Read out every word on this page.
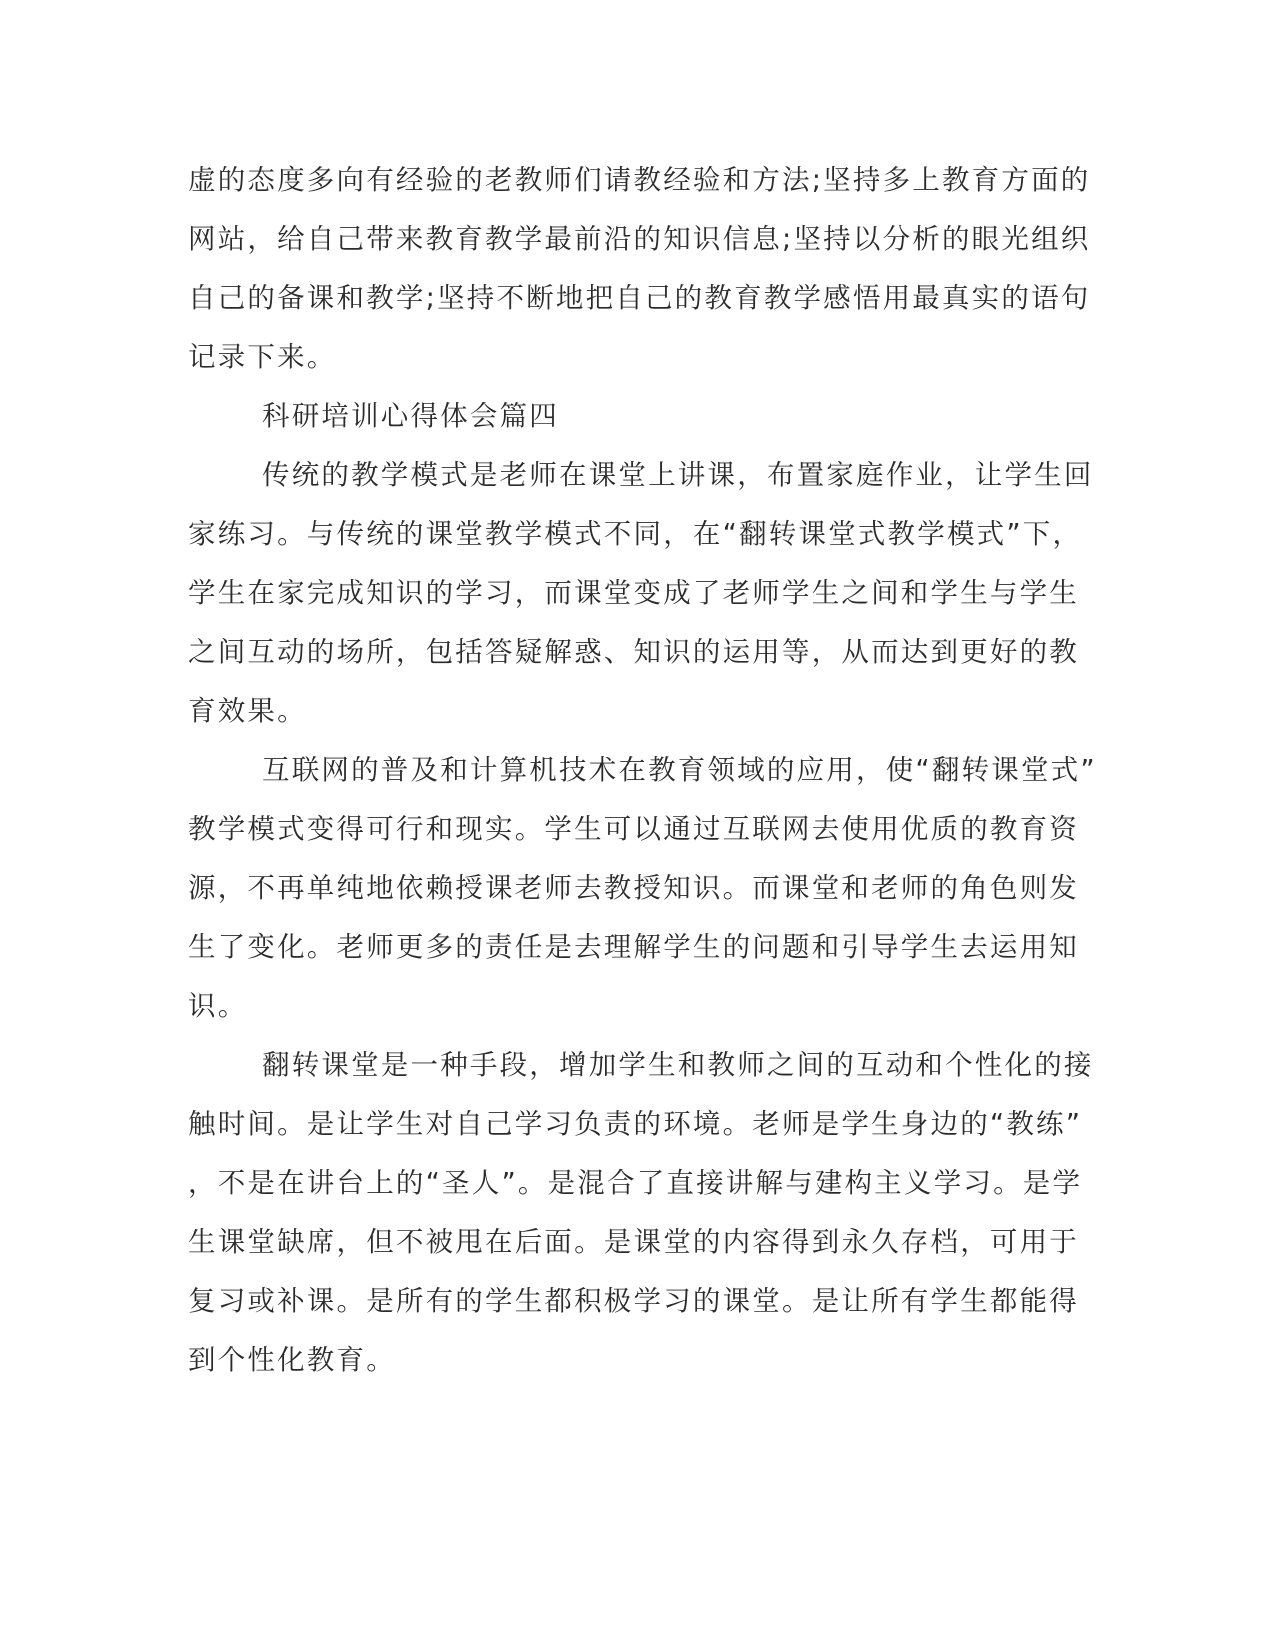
虚的态度多向有经验的老教师们请教经验和方法;坚持多上教育方面的

网站，给自己带来教育教学最前沿的知识信息;坚持以分析的眼光组织

自己的备课和教学;坚持不断地把自己的教育教学感悟用最真实的语句

记录下来。

科研培训心得体会篇四

传统的教学模式是老师在课堂上讲课，布置家庭作业，让学生回

家练习。与传统的课堂教学模式不同，在“翻转课堂式教学模式”下，

学生在家完成知识的学习，而课堂变成了老师学生之间和学生与学生

之间互动的场所，包括答疑解惑、知识的运用等，从而达到更好的教

育效果。

互联网的普及和计算机技术在教育领域的应用，使“翻转课堂式”

教学模式变得可行和现实。学生可以通过互联网去使用优质的教育资

源，不再单纯地依赖授课老师去教授知识。而课堂和老师的角色则发

生了变化。老师更多的责任是去理解学生的问题和引导学生去运用知

识。

翻转课堂是一种手段，增加学生和教师之间的互动和个性化的接

触时间。是让学生对自己学习负责的环境。老师是学生身边的“教练”

，不是在讲台上的“圣人”。是混合了直接讲解与建构主义学习。是学

生课堂缺席，但不被甩在后面。是课堂的内容得到永久存档，可用于

复习或补课。是所有的学生都积极学习的课堂。是让所有学生都能得

到个性化教育。
